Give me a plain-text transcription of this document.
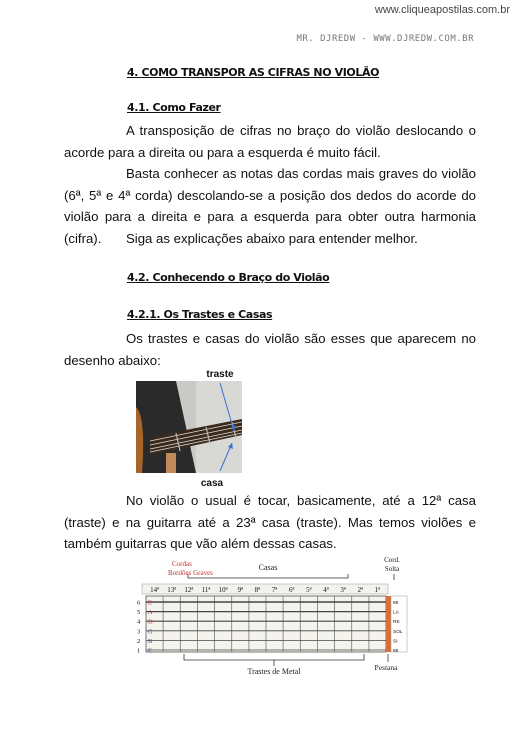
www.cliqueapostilas.com.br
MR. DJREDW - WWW.DJREDW.COM.BR
4. COMO TRANSPOR AS CIFRAS NO VIOLÃO
4.1. Como Fazer

A transposição de cifras no braço do violão deslocando o acorde para a direita ou para a esquerda é muito fácil.

Basta conhecer as notas das cordas mais graves do violão (6ª, 5ª e 4ª corda) descolando-se a posição dos dedos do acorde do violão para a direita e para a esquerda para obter outra harmonia (cifra).	Siga as explicações abaixo para entender melhor.

4.2. Conhecendo o Braço do Violão
4.2.1. Os Trastes e Casas

Os trastes e casas do violão são esses que aparecem no desenho abaixo:

traste
casa

No violão o usual é tocar, basicamente, até a 12ª casa (traste) e na guitarra até a 23ª casa (traste). Mas temos violões e também guitarras que vão além dessas casas.

Cordas
Bordões Graves
Casas
Cord.
Solta
14ª 13ª 12ª 11ª 10ª 9ª 8ª 7ª 6ª 5ª 4ª 3ª 2ª 1ª
6 E
5 A
4 D
3 G
2 B
1 E
MI
LA
RE
SOL
SI
MI
Trastes de Metal	Pestana
